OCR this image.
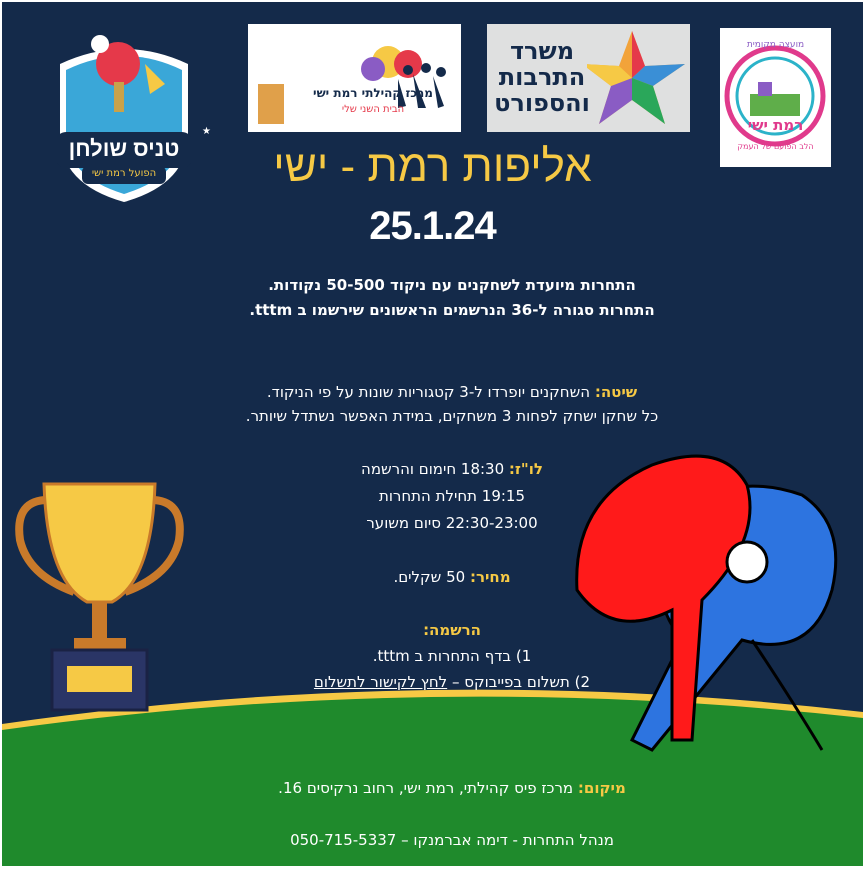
טניס שולחן
הפועל רמת ישי
★
מרכז קהילתי רמת ישי
הבית השני שלי
משרד
התרבות
והספורט
מועצה מקומית
רמת ישי
הלב הפועם של העמק
אליפות רמת - ישי
25.1.24
התחרות מיועדת לשחקנים עם ניקוד 50-500 נקודות.
התחרות סגורה ל-36 הנרשמים הראשונים שירשמו ב tttm.
שיטה: השחקנים יופרדו ל-3 קטגוריות שונות על פי הניקוד.
כל שחקן ישחק לפחות 3 משחקים, במידת האפשר נשתדל שיותר.
לו"ז: 18:30 חימום והרשמה
19:15 תחילת התחרות
22:30-23:00 סיום משוער
מחיר: 50 שקלים.
הרשמה:
1) בדף התחרות ב tttm.
2) תשלום בפייבוקס – לחץ לקישור לתשלום
מיקום: מרכז פיס קהילתי, רמת ישי, רחוב נרקיסים 16.
מנהל התחרות - דימה אברמנקו – 050-715-5337
